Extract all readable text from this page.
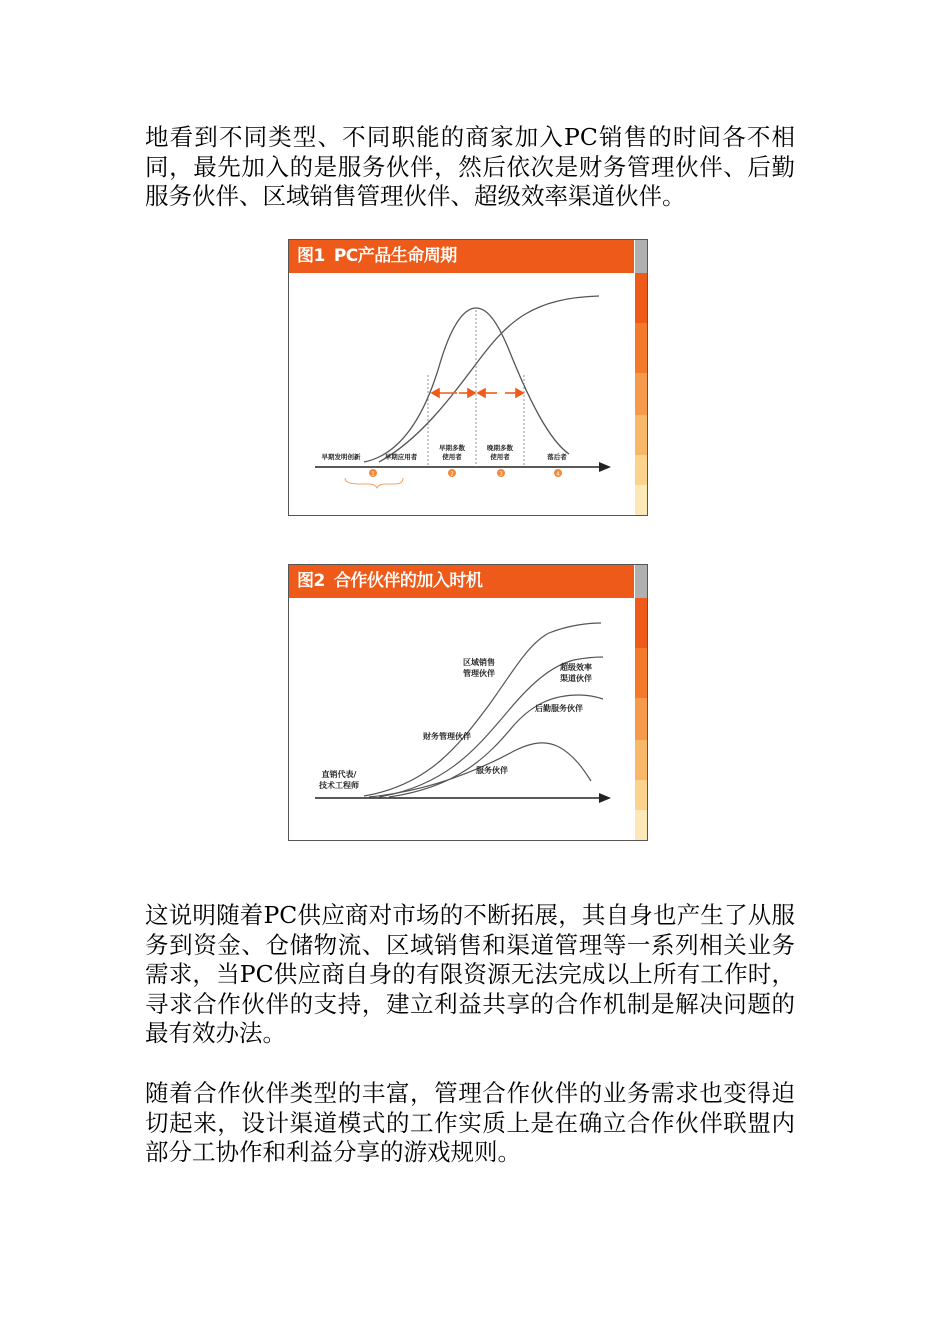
地看到不同类型、不同职能的商家加入PC销售的时间各不相同，最先加入的是服务伙伴，然后依次是财务管理伙伴、后勤服务伙伴、区域销售管理伙伴、超级效率渠道伙伴。

图1 PC产品生命周期
早期发明创新	早期应用者
早期多数
使用者
晚期多数
使用者	落后者
1	2	3	4
图2 合作伙伴的加入时机
直销代表/
技术工程师
财务管理伙伴
区域销售
管理伙伴
超级效率
渠道伙伴
后勤服务伙伴
服务伙伴

这说明随着PC供应商对市场的不断拓展，其自身也产生了从服务到资金、仓储物流、区域销售和渠道管理等一系列相关业务需求，当PC供应商自身的有限资源无法完成以上所有工作时，寻求合作伙伴的支持，建立利益共享的合作机制是解决问题的最有效办法。

随着合作伙伴类型的丰富，管理合作伙伴的业务需求也变得迫切起来，设计渠道模式的工作实质上是在确立合作伙伴联盟内部分工协作和利益分享的游戏规则。
